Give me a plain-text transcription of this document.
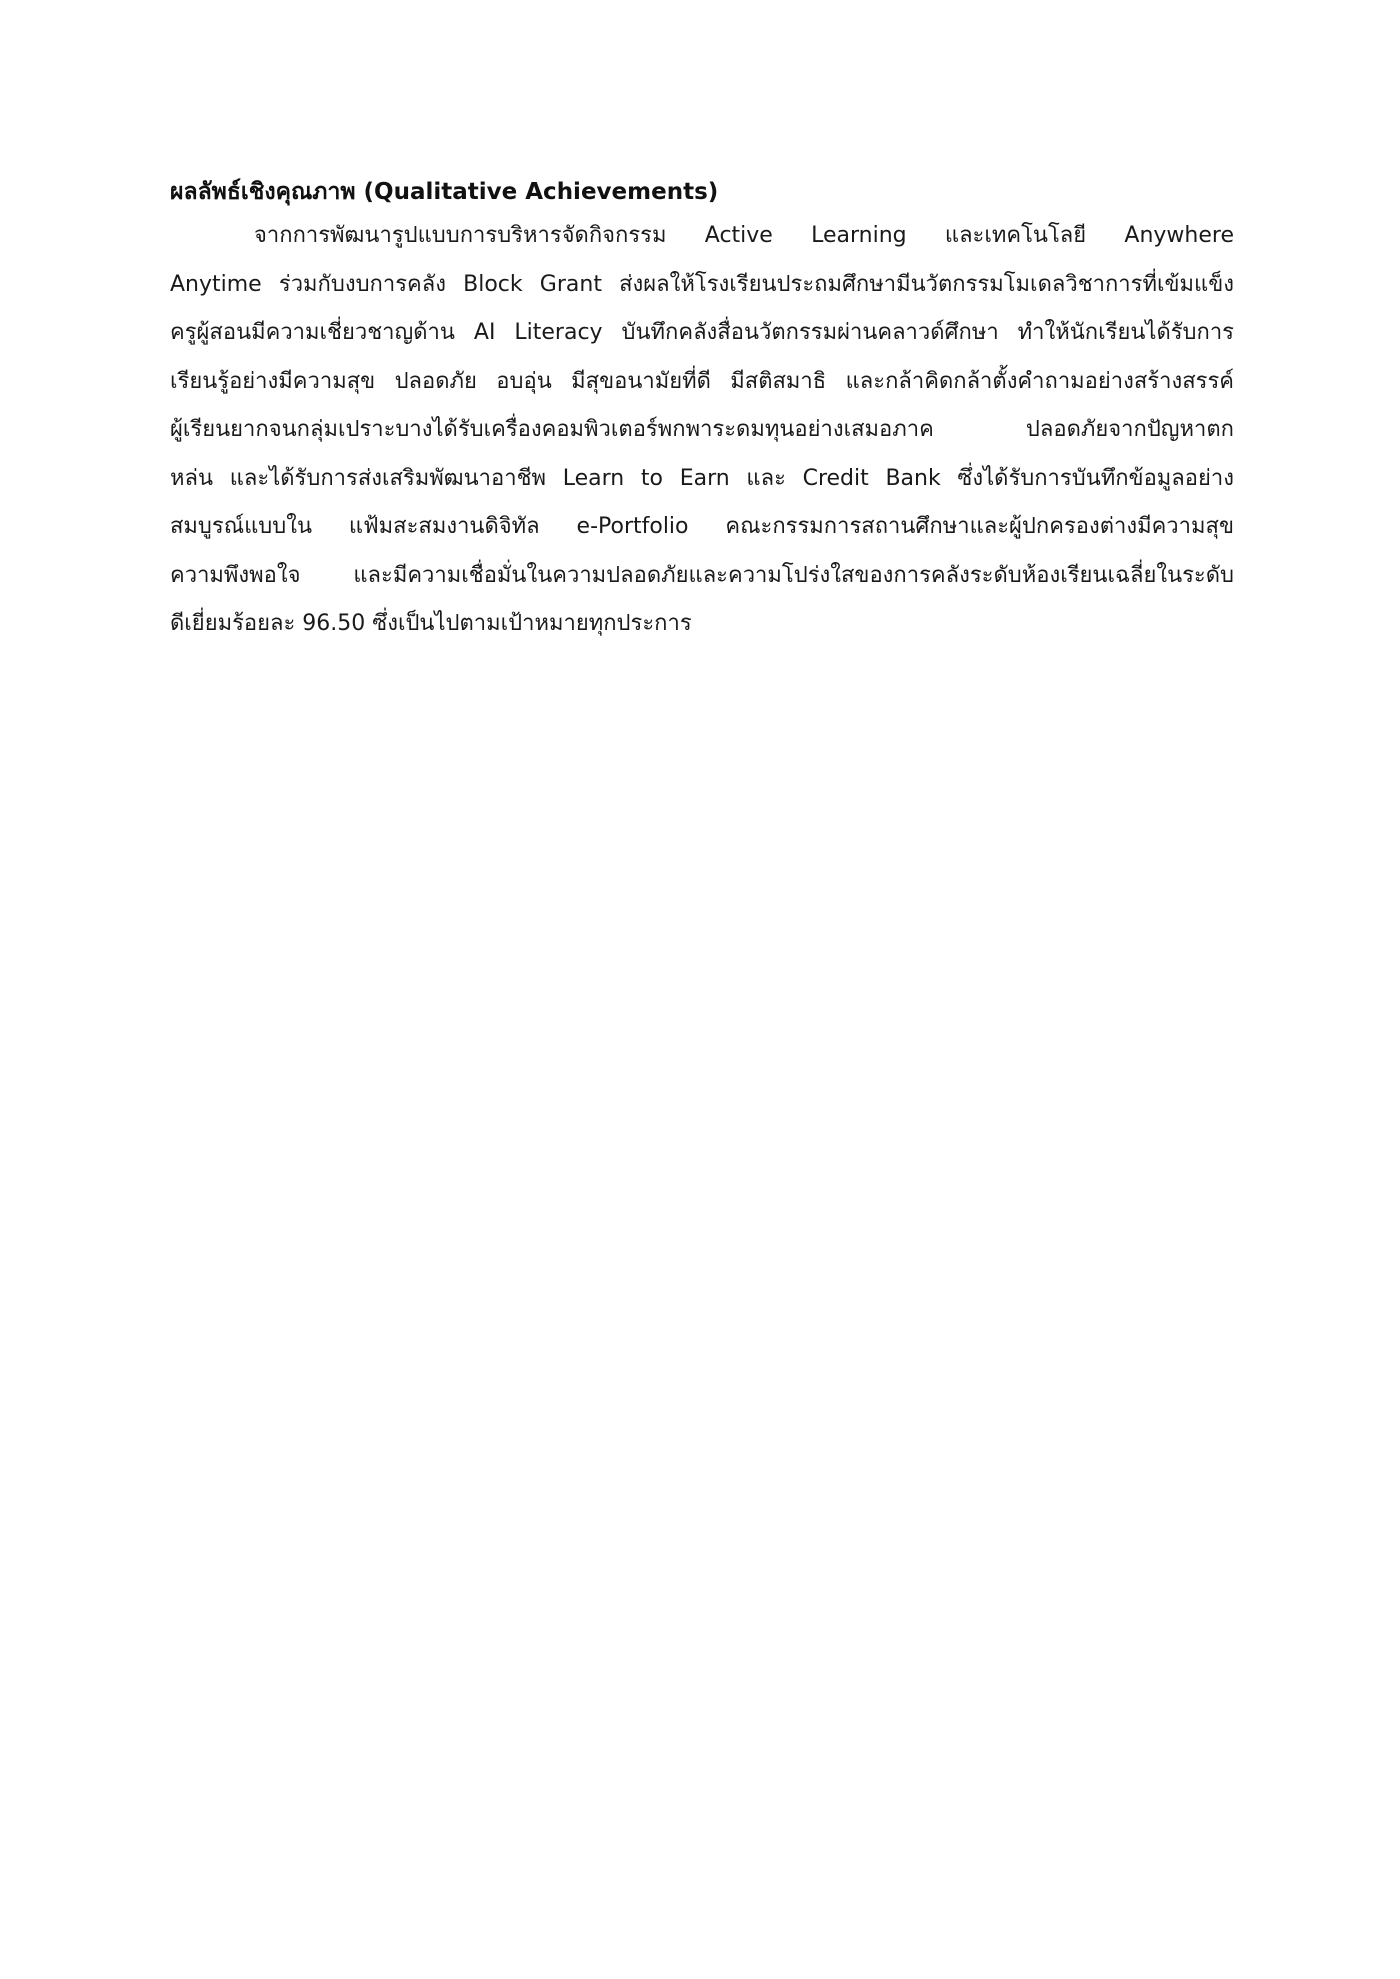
ผลลัพธ์เชิงคุณภาพ (Qualitative Achievements)

จากการพัฒนารูปแบบการบริหารจัดกิจกรรม Active Learning และเทคโนโลยี Anywhere
Anytime ร่วมกับงบการคลัง Block Grant ส่งผลให้โรงเรียนประถมศึกษามีนวัตกรรมโมเดลวิชาการที่เข้มแข็ง
ครูผู้สอนมีความเชี่ยวชาญด้าน AI Literacy บันทึกคลังสื่อนวัตกรรมผ่านคลาวด์ศึกษา ทำให้นักเรียนได้รับการ
เรียนรู้อย่างมีความสุข ปลอดภัย อบอุ่น มีสุขอนามัยที่ดี มีสติสมาธิ และกล้าคิดกล้าตั้งคำถามอย่างสร้างสรรค์
ผู้เรียนยากจนกลุ่มเปราะบางได้รับเครื่องคอมพิวเตอร์พกพาระดมทุนอย่างเสมอภาค ปลอดภัยจากปัญหาตก
หล่น และได้รับการส่งเสริมพัฒนาอาชีพ Learn to Earn และ Credit Bank ซึ่งได้รับการบันทึกข้อมูลอย่าง
สมบูรณ์แบบใน แฟ้มสะสมงานดิจิทัล e-Portfolio คณะกรรมการสถานศึกษาและผู้ปกครองต่างมีความสุข
ความพึงพอใจ และมีความเชื่อมั่นในความปลอดภัยและความโปร่งใสของการคลังระดับห้องเรียนเฉลี่ยในระดับ
ดีเยี่ยมร้อยละ 96.50 ซึ่งเป็นไปตามเป้าหมายทุกประการ
